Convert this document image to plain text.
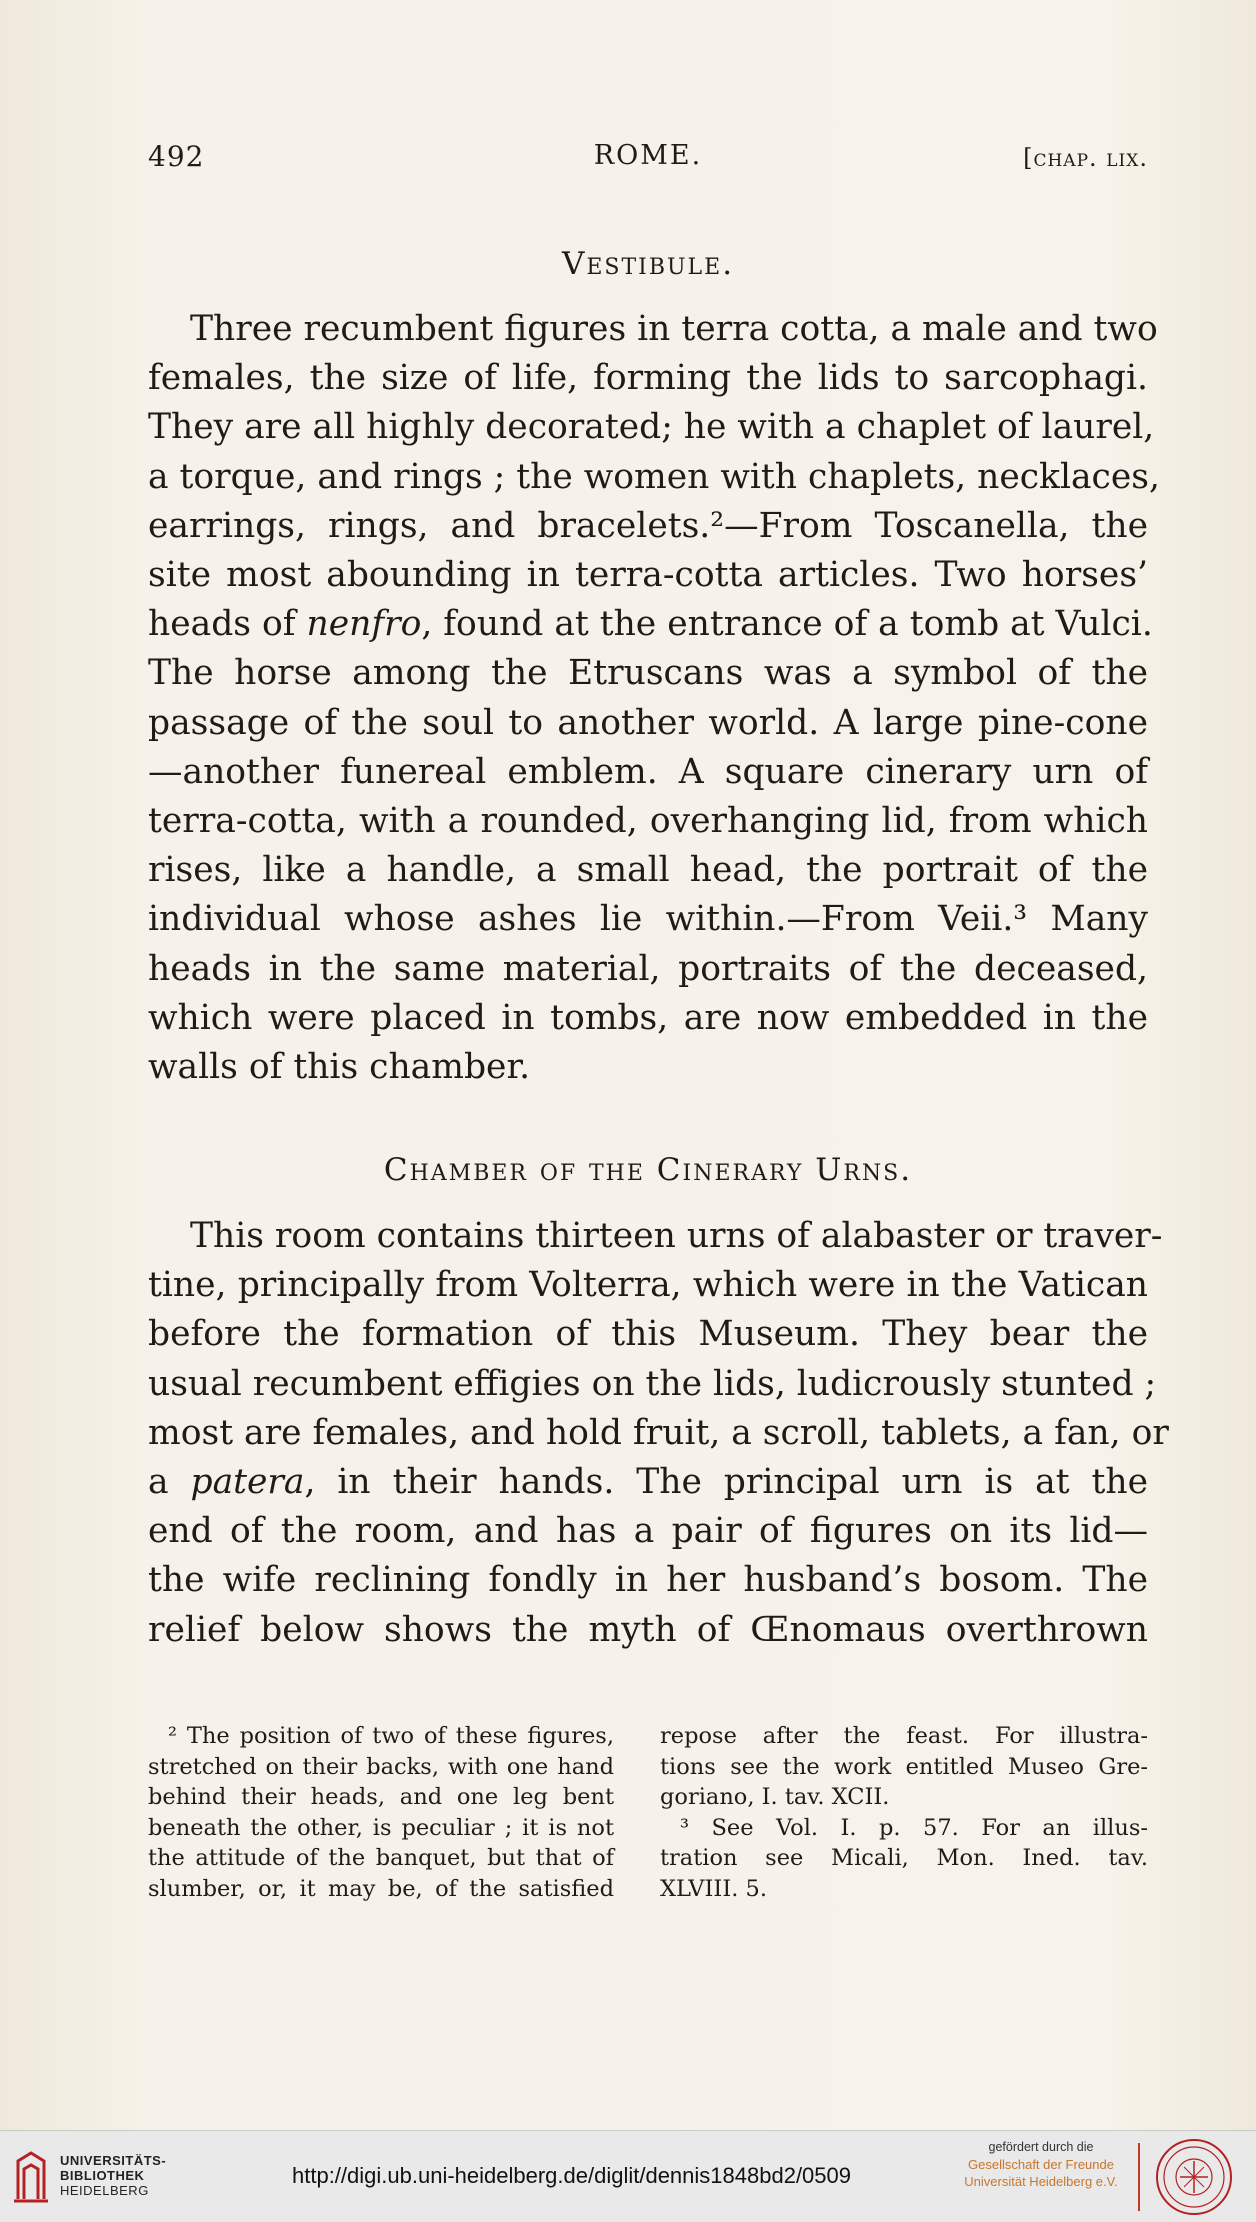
492	ROME.	[chap. lix.
Vestibule.
Three recumbent figures in terra cotta, a male and two
females, the size of life, forming the lids to sarcophagi.
They are all highly decorated; he with a chaplet of laurel,
a torque, and rings ; the women with chaplets, necklaces,
earrings, rings, and bracelets.²—From Toscanella, the
site most abounding in terra-cotta articles. Two horses’
heads of nenfro, found at the entrance of a tomb at Vulci.
The horse among the Etruscans was a symbol of the
passage of the soul to another world. A large pine-cone
—another funereal emblem. A square cinerary urn of
terra-cotta, with a rounded, overhanging lid, from which
rises, like a handle, a small head, the portrait of the
individual whose ashes lie within.—From Veii.³ Many
heads in the same material, portraits of the deceased,
which were placed in tombs, are now embedded in the
walls of this chamber.
Chamber of the Cinerary Urns.
This room contains thirteen urns of alabaster or traver-
tine, principally from Volterra, which were in the Vatican
before the formation of this Museum. They bear the
usual recumbent effigies on the lids, ludicrously stunted ;
most are females, and hold fruit, a scroll, tablets, a fan, or
a patera, in their hands. The principal urn is at the
end of the room, and has a pair of figures on its lid—
the wife reclining fondly in her husband’s bosom. The
relief below shows the myth of Œnomaus overthrown
² The position of two of these figures,
stretched on their backs, with one hand
behind their heads, and one leg bent
beneath the other, is peculiar ; it is not
the attitude of the banquet, but that of
slumber, or, it may be, of the satisfied
repose after the feast. For illustra-
tions see the work entitled Museo Gre-
goriano, I. tav. XCII.
³ See Vol. I. p. 57. For an illus-
tration see Micali, Mon. Ined. tav.
XLVIII. 5.
UNIVERSITÄTS-
BIBLIOTHEK
HEIDELBERG
http://digi.ub.uni-heidelberg.de/diglit/dennis1848bd2/0509
gefördert durch die
Gesellschaft der Freunde
Universität Heidelberg e.V.
